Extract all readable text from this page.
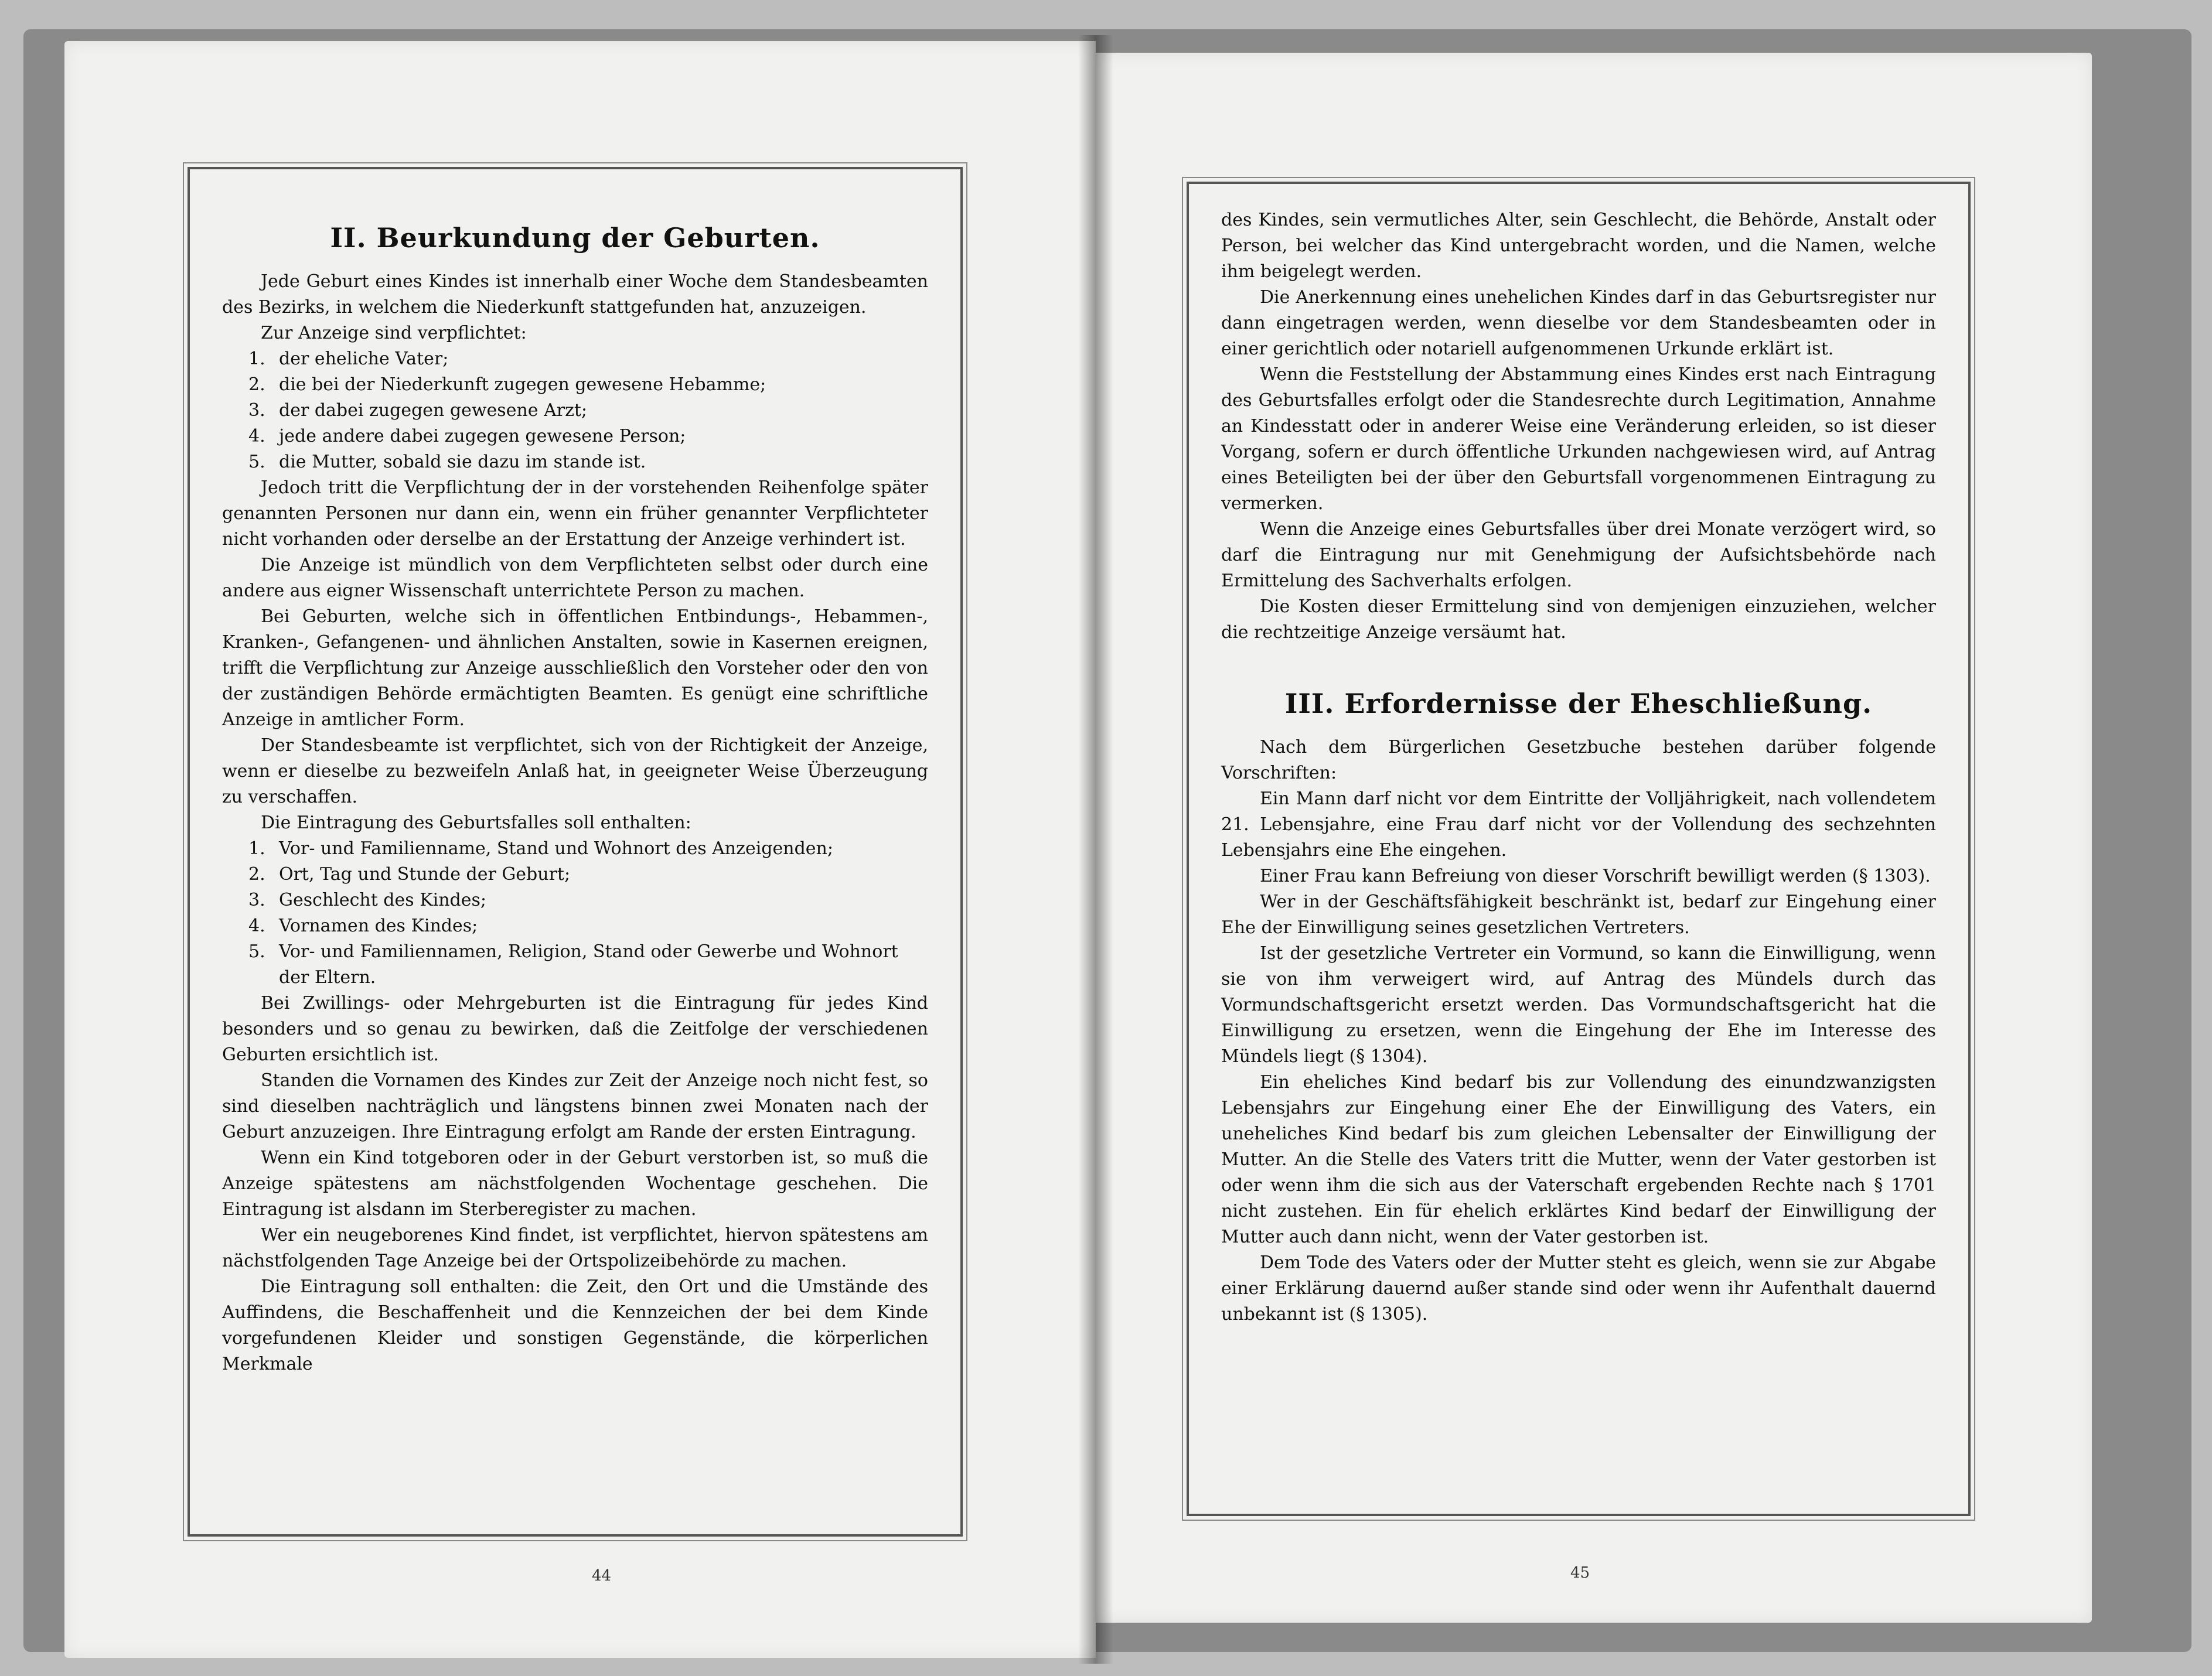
II. Beurkundung der Geburten.

Jede Geburt eines Kindes ist innerhalb einer Woche dem Standesbeamten des Bezirks, in welchem die Niederkunft stattgefunden hat, anzuzeigen.

Zur Anzeige sind verpflichtet:

1. der eheliche Vater;
2. die bei der Niederkunft zugegen gewesene Hebamme;
3. der dabei zugegen gewesene Arzt;
4. jede andere dabei zugegen gewesene Person;
5. die Mutter, sobald sie dazu im stande ist.

Jedoch tritt die Verpflichtung der in der vorstehenden Reihenfolge später genannten Personen nur dann ein, wenn ein früher genannter Verpflichteter nicht vorhanden oder derselbe an der Erstattung der Anzeige verhindert ist.

Die Anzeige ist mündlich von dem Verpflichteten selbst oder durch eine andere aus eigner Wissenschaft unterrichtete Person zu machen.

Bei Geburten, welche sich in öffentlichen Entbindungs-, Hebammen-, Kranken-, Gefangenen- und ähnlichen Anstalten, sowie in Kasernen ereignen, trifft die Verpflichtung zur Anzeige ausschließlich den Vorsteher oder den von der zuständigen Behörde ermächtigten Beamten. Es genügt eine schriftliche Anzeige in amtlicher Form.

Der Standesbeamte ist verpflichtet, sich von der Richtigkeit der Anzeige, wenn er dieselbe zu bezweifeln Anlaß hat, in geeigneter Weise Überzeugung zu verschaffen.

Die Eintragung des Geburtsfalles soll enthalten:

1. Vor- und Familienname, Stand und Wohnort des Anzeigenden;
2. Ort, Tag und Stunde der Geburt;
3. Geschlecht des Kindes;
4. Vornamen des Kindes;
5. Vor- und Familiennamen, Religion, Stand oder Gewerbe und Wohnort der Eltern.

Bei Zwillings- oder Mehrgeburten ist die Eintragung für jedes Kind besonders und so genau zu bewirken, daß die Zeitfolge der verschiedenen Geburten ersichtlich ist.

Standen die Vornamen des Kindes zur Zeit der Anzeige noch nicht fest, so sind dieselben nachträglich und längstens binnen zwei Monaten nach der Geburt anzuzeigen. Ihre Eintragung erfolgt am Rande der ersten Eintragung.

Wenn ein Kind totgeboren oder in der Geburt verstorben ist, so muß die Anzeige spätestens am nächstfolgenden Wochentage geschehen. Die Eintragung ist alsdann im Sterberegister zu machen.

Wer ein neugeborenes Kind findet, ist verpflichtet, hiervon spätestens am nächstfolgenden Tage Anzeige bei der Ortspolizeibehörde zu machen.

Die Eintragung soll enthalten: die Zeit, den Ort und die Umstände des Auffindens, die Beschaffenheit und die Kennzeichen der bei dem Kinde vorgefundenen Kleider und sonstigen Gegenstände, die körperlichen Merkmale

44

des Kindes, sein vermutliches Alter, sein Geschlecht, die Behörde, Anstalt oder Person, bei welcher das Kind untergebracht worden, und die Namen, welche ihm beigelegt werden.

Die Anerkennung eines unehelichen Kindes darf in das Geburtsregister nur dann eingetragen werden, wenn dieselbe vor dem Standesbeamten oder in einer gerichtlich oder notariell aufgenommenen Urkunde erklärt ist.

Wenn die Feststellung der Abstammung eines Kindes erst nach Eintragung des Geburtsfalles erfolgt oder die Standesrechte durch Legitimation, Annahme an Kindesstatt oder in anderer Weise eine Veränderung erleiden, so ist dieser Vorgang, sofern er durch öffentliche Urkunden nachgewiesen wird, auf Antrag eines Beteiligten bei der über den Geburtsfall vorgenommenen Eintragung zu vermerken.

Wenn die Anzeige eines Geburtsfalles über drei Monate verzögert wird, so darf die Eintragung nur mit Genehmigung der Aufsichtsbehörde nach Ermittelung des Sachverhalts erfolgen.

Die Kosten dieser Ermittelung sind von demjenigen einzuziehen, welcher die rechtzeitige Anzeige versäumt hat.

III. Erfordernisse der Eheschließung.

Nach dem Bürgerlichen Gesetzbuche bestehen darüber folgende Vorschriften:

Ein Mann darf nicht vor dem Eintritte der Volljährigkeit, nach vollendetem 21. Lebensjahre, eine Frau darf nicht vor der Vollendung des sechzehnten Lebensjahrs eine Ehe eingehen.

Einer Frau kann Befreiung von dieser Vorschrift bewilligt werden (§ 1303).

Wer in der Geschäftsfähigkeit beschränkt ist, bedarf zur Eingehung einer Ehe der Einwilligung seines gesetzlichen Vertreters.

Ist der gesetzliche Vertreter ein Vormund, so kann die Einwilligung, wenn sie von ihm verweigert wird, auf Antrag des Mündels durch das Vormundschaftsgericht ersetzt werden. Das Vormundschaftsgericht hat die Einwilligung zu ersetzen, wenn die Eingehung der Ehe im Interesse des Mündels liegt (§ 1304).

Ein eheliches Kind bedarf bis zur Vollendung des einundzwanzigsten Lebensjahrs zur Eingehung einer Ehe der Einwilligung des Vaters, ein uneheliches Kind bedarf bis zum gleichen Lebensalter der Einwilligung der Mutter. An die Stelle des Vaters tritt die Mutter, wenn der Vater gestorben ist oder wenn ihm die sich aus der Vaterschaft ergebenden Rechte nach § 1701 nicht zustehen. Ein für ehelich erklärtes Kind bedarf der Einwilligung der Mutter auch dann nicht, wenn der Vater gestorben ist.

Dem Tode des Vaters oder der Mutter steht es gleich, wenn sie zur Abgabe einer Erklärung dauernd außer stande sind oder wenn ihr Aufenthalt dauernd unbekannt ist (§ 1305).

45
